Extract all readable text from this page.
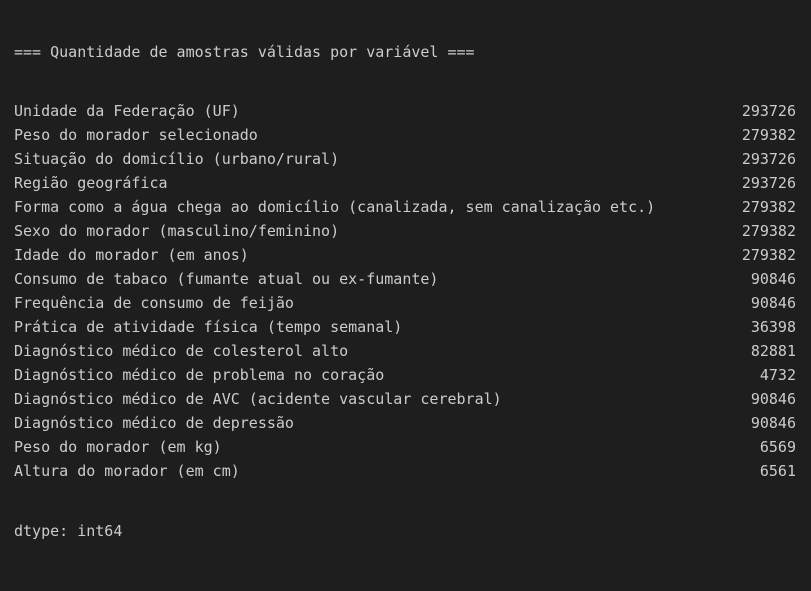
=== Quantidade de amostras válidas por variável ===

Unidade da Federação (UF)	293726
Peso do morador selecionado	279382
Situação do domicílio (urbano/rural)	293726
Região geográfica	293726
Forma como a água chega ao domicílio (canalizada, sem canalização etc.)	279382
Sexo do morador (masculino/feminino)	279382
Idade do morador (em anos)	279382
Consumo de tabaco (fumante atual ou ex-fumante)	90846
Frequência de consumo de feijão	90846
Prática de atividade física (tempo semanal)	36398
Diagnóstico médico de colesterol alto	82881
Diagnóstico médico de problema no coração	4732
Diagnóstico médico de AVC (acidente vascular cerebral)	90846
Diagnóstico médico de depressão	90846
Peso do morador (em kg)	6569
Altura do morador (em cm)	6561

dtype: int64
